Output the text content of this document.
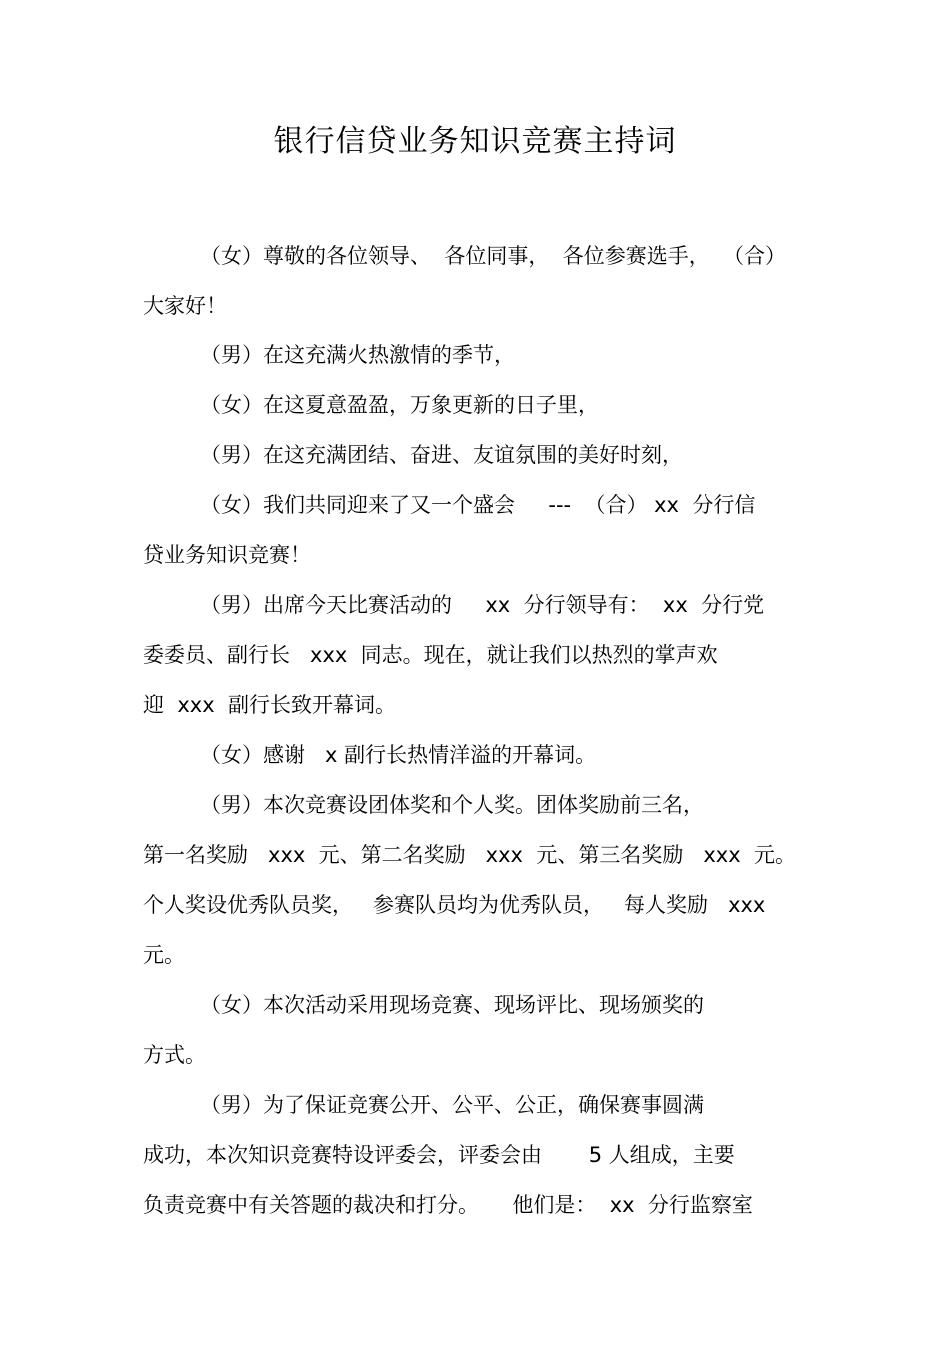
银行信贷业务知识竞赛主持词

（女）尊敬的各位领导、  各位同事，  各位参赛选手，  （合）

大家好！

（男）在这充满火热激情的季节，

（女）在这夏意盈盈，万象更新的日子里，

（男）在这充满团结、奋进、友谊氛围的美好时刻，

（女）我们共同迎来了又一个盛会     ---  （合） xx  分行信

贷业务知识竞赛！

（男）出席今天比赛活动的     xx  分行领导有：  xx  分行党

委委员、副行长   xxx  同志。现在，就让我们以热烈的掌声欢

迎  xxx  副行长致开幕词。

（女）感谢   x 副行长热情洋溢的开幕词。

（男）本次竞赛设团体奖和个人奖。团体奖励前三名，

第一名奖励   xxx  元、第二名奖励   xxx  元、第三名奖励   xxx  元。

个人奖设优秀队员奖，   参赛队员均为优秀队员，   每人奖励   xxx

元。

（女）本次活动采用现场竞赛、现场评比、现场颁奖的

方式。

（男）为了保证竞赛公开、公平、公正，确保赛事圆满

成功，本次知识竞赛特设评委会，评委会由       5 人组成，主要

负责竞赛中有关答题的裁决和打分。     他们是：  xx  分行监察室
